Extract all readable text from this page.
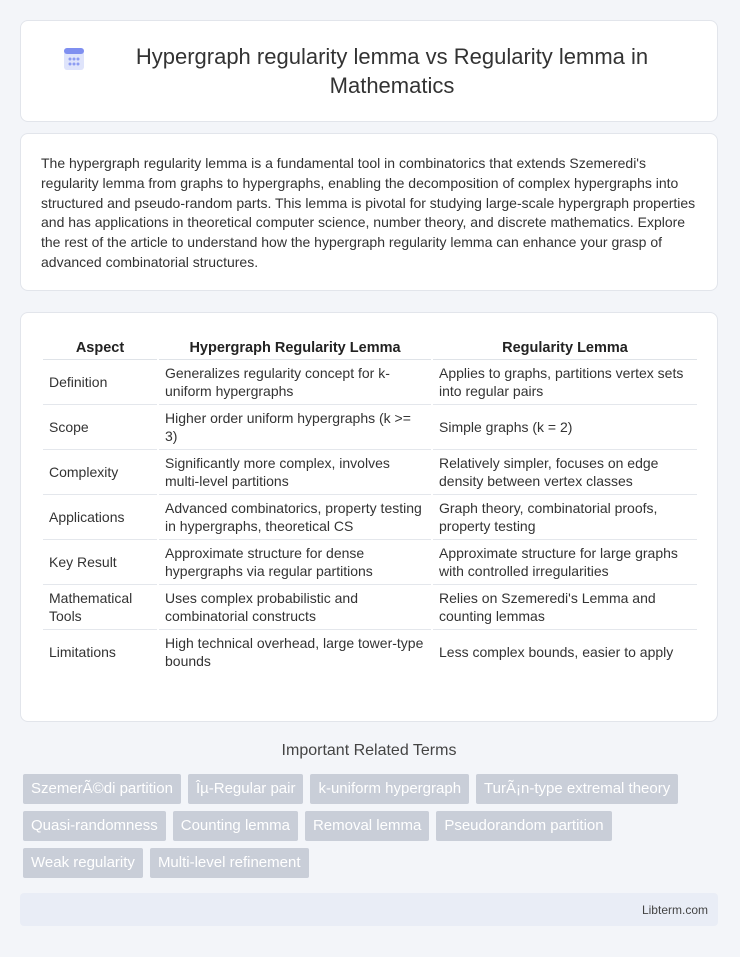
Hypergraph regularity lemma vs Regularity lemma in Mathematics

The hypergraph regularity lemma is a fundamental tool in combinatorics that extends Szemeredi's regularity lemma from graphs to hypergraphs, enabling the decomposition of complex hypergraphs into structured and pseudo-random parts. This lemma is pivotal for studying large-scale hypergraph properties and has applications in theoretical computer science, number theory, and discrete mathematics. Explore the rest of the article to understand how the hypergraph regularity lemma can enhance your grasp of advanced combinatorial structures.

Aspect	Hypergraph Regularity Lemma	Regularity Lemma
Definition	Generalizes regularity concept for k-uniform hypergraphs	Applies to graphs, partitions vertex sets into regular pairs
Scope	Higher order uniform hypergraphs (k >= 3)	Simple graphs (k = 2)
Complexity	Significantly more complex, involves multi-level partitions	Relatively simpler, focuses on edge density between vertex classes
Applications	Advanced combinatorics, property testing in hypergraphs, theoretical CS	Graph theory, combinatorial proofs, property testing
Key Result	Approximate structure for dense hypergraphs via regular partitions	Approximate structure for large graphs with controlled irregularities
Mathematical Tools	Uses complex probabilistic and combinatorial constructs	Relies on Szemeredi's Lemma and counting lemmas
Limitations	High technical overhead, large tower-type bounds	Less complex bounds, easier to apply
Important Related Terms
SzemerÃ©di partition	Îµ-Regular pair	k-uniform hypergraph	TurÃ¡n-type extremal theory
Quasi-randomness	Counting lemma	Removal lemma	Pseudorandom partition
Weak regularity	Multi-level refinement
Libterm.com
